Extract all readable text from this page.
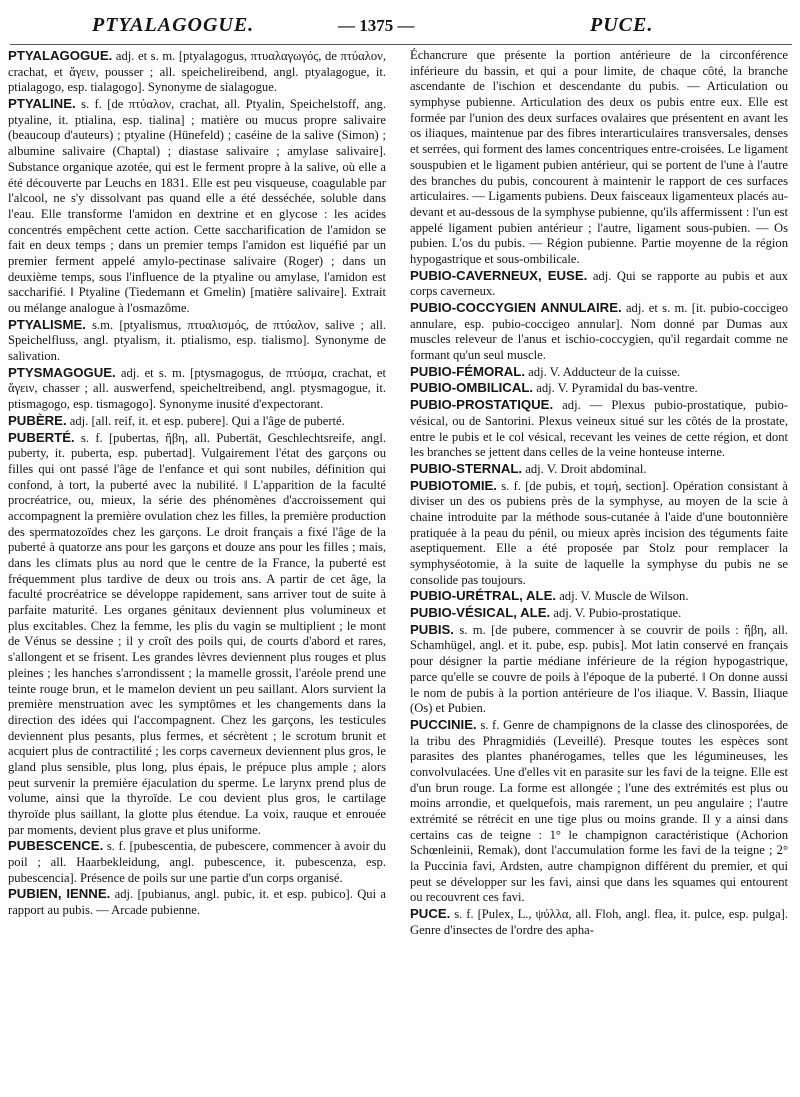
PTYALAGOGUE.	— 1375 —	PUCE.

PTYALAGOGUE. adj. et s. m. [ptyalagogus, πτυαλαγωγός, de πτύαλον, crachat, et ἄγειν, pousser ; all. speichelireibend, angl. ptyalagogue, it. ptialagogo, esp. tialagogo]. Synonyme de sialagogue.

PTYALINE. s. f. [de πτύαλον, crachat, all. Ptyalin, Speichelstoff, ang. ptyaline, it. ptialina, esp. tialina] ; matière ou mucus propre salivaire (beaucoup d'auteurs) ; ptyaline (Hünefeld) ; caséine de la salive (Simon) ; albumine salivaire (Chaptal) ; diastase salivaire ; amylase salivaire]. Substance organique azotée, qui est le ferment propre à la salive, où elle a été découverte par Leuchs en 1831. Elle est peu visqueuse, coagulable par l'alcool, ne s'y dissolvant pas quand elle a été desséchée, soluble dans l'eau. Elle transforme l'amidon en dextrine et en glycose : les acides concentrés empêchent cette action. Cette saccharification de l'amidon se fait en deux temps ; dans un premier temps l'amidon est liquéfié par un premier ferment appelé amylo-pectinase salivaire (Roger) ; dans un deuxième temps, sous l'influence de la ptyaline ou amylase, l'amidon est saccharifié. ‖ Ptyaline (Tiedemann et Gmelin) [matière salivaire]. Extrait ou mélange analogue à l'osmazôme.

PTYALISME. s.m. [ptyalismus, πτυαλισμός, de πτύαλον, salive ; all. Speichelfluss, angl. ptyalism, it. ptialismo, esp. tialismo]. Synonyme de salivation.

PTYSMAGOGUE. adj. et s. m. [ptysmagogus, de πτύσμα, crachat, et ἄγειν, chasser ; all. auswerfend, speicheltreibend, angl. ptysmagogue, it. ptismagogo, esp. tismagogo]. Synonyme inusité d'expectorant.

PUBÈRE. adj. [all. reif, it. et esp. pubere]. Qui a l'âge de puberté.

PUBERTÉ. s. f. [pubertas, ἥβη, all. Pubertät, Geschlechtsreife, angl. puberty, it. puberta, esp. pubertad]. Vulgairement l'état des garçons ou filles qui ont passé l'âge de l'enfance et qui sont nubiles, définition qui confond, à tort, la puberté avec la nubilité. ‖ L'apparition de la faculté procréatrice, ou, mieux, la série des phénomènes d'accroissement qui accompagnent la première ovulation chez les filles, la première production des spermatozoïdes chez les garçons. Le droit français a fixé l'âge de la puberté à quatorze ans pour les garçons et douze ans pour les filles ; mais, dans les climats plus au nord que le centre de la France, la puberté est fréquemment plus tardive de deux ou trois ans. A partir de cet âge, la faculté procréatrice se développe rapidement, sans arriver tout de suite à parfaite maturité. Les organes génitaux deviennent plus volumineux et plus excitables. Chez la femme, les plis du vagin se multiplient ; le mont de Vénus se dessine ; il y croît des poils qui, de courts d'abord et rares, s'allongent et se frisent. Les grandes lèvres deviennent plus rouges et plus pleines ; les hanches s'arrondissent ; la mamelle grossit, l'aréole prend une teinte rouge brun, et le mamelon devient un peu saillant. Alors survient la première menstruation avec les symptômes et les changements dans la direction des idées qui l'accompagnent. Chez les garçons, les testicules deviennent plus pesants, plus fermes, et sécrètent ; le scrotum brunit et acquiert plus de contractilité ; les corps caverneux deviennent plus gros, le gland plus sensible, plus long, plus épais, le prépuce plus ample ; alors peut survenir la première éjaculation du sperme. Le larynx prend plus de volume, ainsi que la thyroïde. Le cou devient plus gros, le cartilage thyroïde plus saillant, la glotte plus étendue. La voix, rauque et enrouée par moments, devient plus grave et plus uniforme.

PUBESCENCE. s. f. [pubescentia, de pubescere, commencer à avoir du poil ; all. Haarbekleidung, angl. pubescence, it. pubescenza, esp. pubescencia]. Présence de poils sur une partie d'un corps organisé.

PUBIEN, IENNE. adj. [pubianus, angl. pubic, it. et esp. pubico]. Qui a rapport au pubis. — Arcade pubienne.

Échancrure que présente la portion antérieure de la circonférence inférieure du bassin, et qui a pour limite, de chaque côté, la branche ascendante de l'ischion et descendante du pubis. — Articulation ou symphyse pubienne. Articulation des deux os pubis entre eux. Elle est formée par l'union des deux surfaces ovalaires que présentent en avant les os iliaques, maintenue par des fibres interarticulaires transversales, denses et serrées, qui forment des lames concentriques entre-croisées. Le ligament souspubien et le ligament pubien antérieur, qui se portent de l'une à l'autre des branches du pubis, concourent à maintenir le rapport de ces surfaces articulaires. — Ligaments pubiens. Deux faisceaux ligamenteux placés au-devant et au-dessous de la symphyse pubienne, qu'ils affermissent : l'un est appelé ligament pubien antérieur ; l'autre, ligament sous-pubien. — Os pubien. L'os du pubis. — Région pubienne. Partie moyenne de la région hypogastrique et sous-ombilicale.

PUBIO-CAVERNEUX, EUSE. adj. Qui se rapporte au pubis et aux corps caverneux.

PUBIO-COCCYGIEN ANNULAIRE. adj. et s. m. [it. pubio-coccigeo annulare, esp. pubio-coccigeo annular]. Nom donné par Dumas aux muscles releveur de l'anus et ischio-coccygien, qu'il regardait comme ne formant qu'un seul muscle.

PUBIO-FÉMORAL. adj. V. Adducteur de la cuisse.

PUBIO-OMBILICAL. adj. V. Pyramidal du bas-ventre.

PUBIO-PROSTATIQUE. adj. — Plexus pubio-prostatique, pubio-vésical, ou de Santorini. Plexus veineux situé sur les côtés de la prostate, entre le pubis et le col vésical, recevant les veines de cette région, et dont les branches se jettent dans celles de la veine honteuse interne.

PUBIO-STERNAL. adj. V. Droit abdominal.

PUBIOTOMIE. s. f. [de pubis, et τομή, section]. Opération consistant à diviser un des os pubiens près de la symphyse, au moyen de la scie à chaine introduite par la méthode sous-cutanée à l'aide d'une boutonnière pratiquée à la peau du pénil, ou mieux après incision des téguments faite aseptiquement. Elle a été proposée par Stolz pour remplacer la symphyséotomie, à la suite de laquelle la symphyse du pubis ne se consolide pas toujours.

PUBIO-URÉTRAL, ALE. adj. V. Muscle de Wilson.

PUBIO-VÉSICAL, ALE. adj. V. Pubio-prostatique.

PUBIS. s. m. [de pubere, commencer à se couvrir de poils : ἥβη, all. Schamhügel, angl. et it. pube, esp. pubis]. Mot latin conservé en français pour désigner la partie médiane inférieure de la région hypogastrique, parce qu'elle se couvre de poils à l'époque de la puberté. ‖ On donne aussi le nom de pubis à la portion antérieure de l'os iliaque. V. Bassin, Iliaque (Os) et Pubien.

PUCCINIE. s. f. Genre de champignons de la classe des clinosporées, de la tribu des Phragmidiés (Leveillé). Presque toutes les espèces sont parasites des plantes phanérogames, telles que les légumineuses, les convolvulacées. Une d'elles vit en parasite sur les favi de la teigne. Elle est d'un brun rouge. La forme est allongée ; l'une des extrémités est plus ou moins arrondie, et quelquefois, mais rarement, un peu angulaire ; l'autre extrémité se rétrécit en une tige plus ou moins grande. Il y a ainsi dans certains cas de teigne : 1° le champignon caractéristique (Achorion Schœnleinii, Remak), dont l'accumulation forme les favi de la teigne ; 2° la Puccinia favi, Ardsten, autre champignon différent du premier, et qui peut se développer sur les favi, ainsi que dans les squames qui entourent ou recouvrent ces favi.

PUCE. s. f. [Pulex, L., ψύλλα, all. Floh, angl. flea, it. pulce, esp. pulga]. Genre d'insectes de l'ordre des apha-
